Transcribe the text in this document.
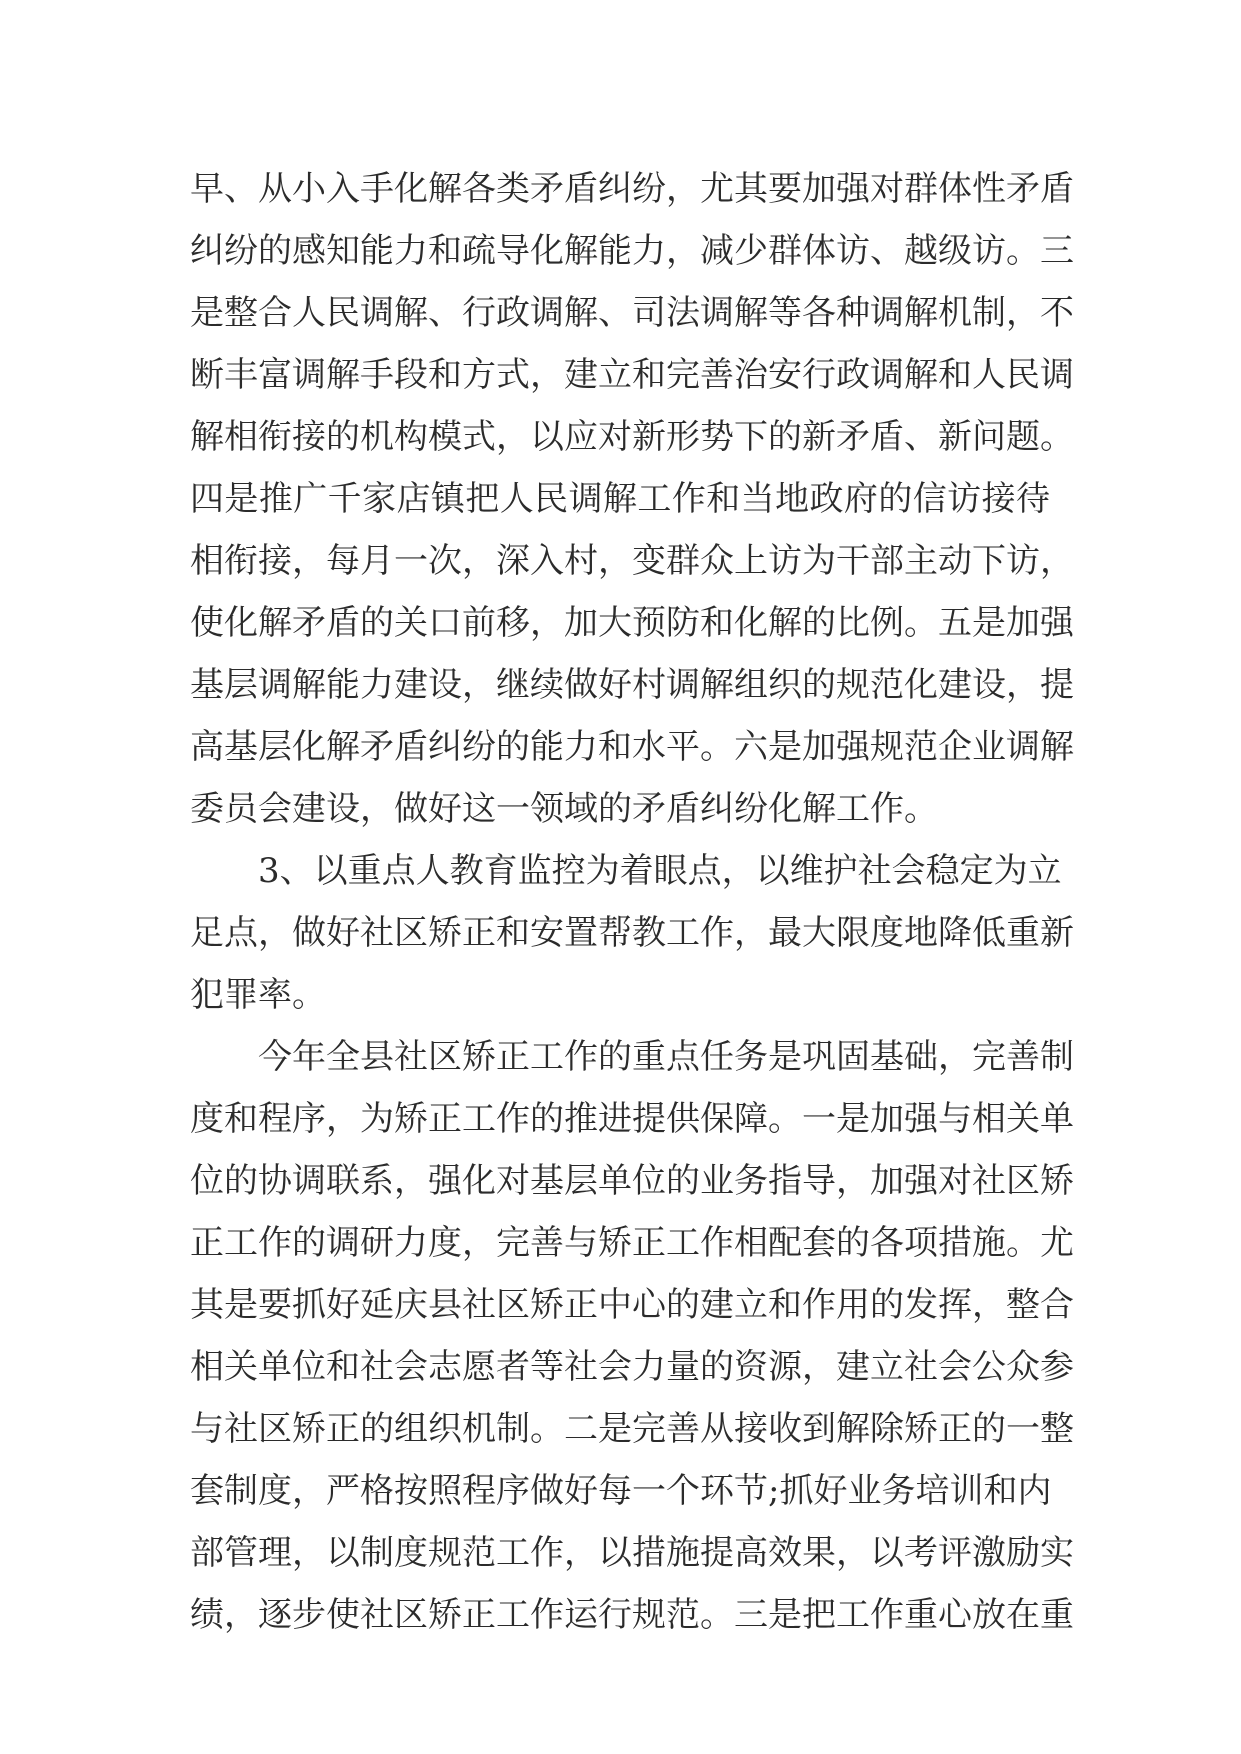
早、从小入手化解各类矛盾纠纷，尤其要加强对群体性矛盾
纠纷的感知能力和疏导化解能力，减少群体访、越级访。三
是整合人民调解、行政调解、司法调解等各种调解机制，不
断丰富调解手段和方式，建立和完善治安行政调解和人民调
解相衔接的机构模式，以应对新形势下的新矛盾、新问题。
四是推广千家店镇把人民调解工作和当地政府的信访接待
相衔接，每月一次，深入村，变群众上访为干部主动下访，
使化解矛盾的关口前移，加大预防和化解的比例。五是加强
基层调解能力建设，继续做好村调解组织的规范化建设，提
高基层化解矛盾纠纷的能力和水平。六是加强规范企业调解
委员会建设，做好这一领域的矛盾纠纷化解工作。
3、以重点人教育监控为着眼点，以维护社会稳定为立
足点，做好社区矫正和安置帮教工作，最大限度地降低重新
犯罪率。
今年全县社区矫正工作的重点任务是巩固基础，完善制
度和程序，为矫正工作的推进提供保障。一是加强与相关单
位的协调联系，强化对基层单位的业务指导，加强对社区矫
正工作的调研力度，完善与矫正工作相配套的各项措施。尤
其是要抓好延庆县社区矫正中心的建立和作用的发挥，整合
相关单位和社会志愿者等社会力量的资源，建立社会公众参
与社区矫正的组织机制。二是完善从接收到解除矫正的一整
套制度，严格按照程序做好每一个环节;抓好业务培训和内
部管理，以制度规范工作，以措施提高效果，以考评激励实
绩，逐步使社区矫正工作运行规范。三是把工作重心放在重
